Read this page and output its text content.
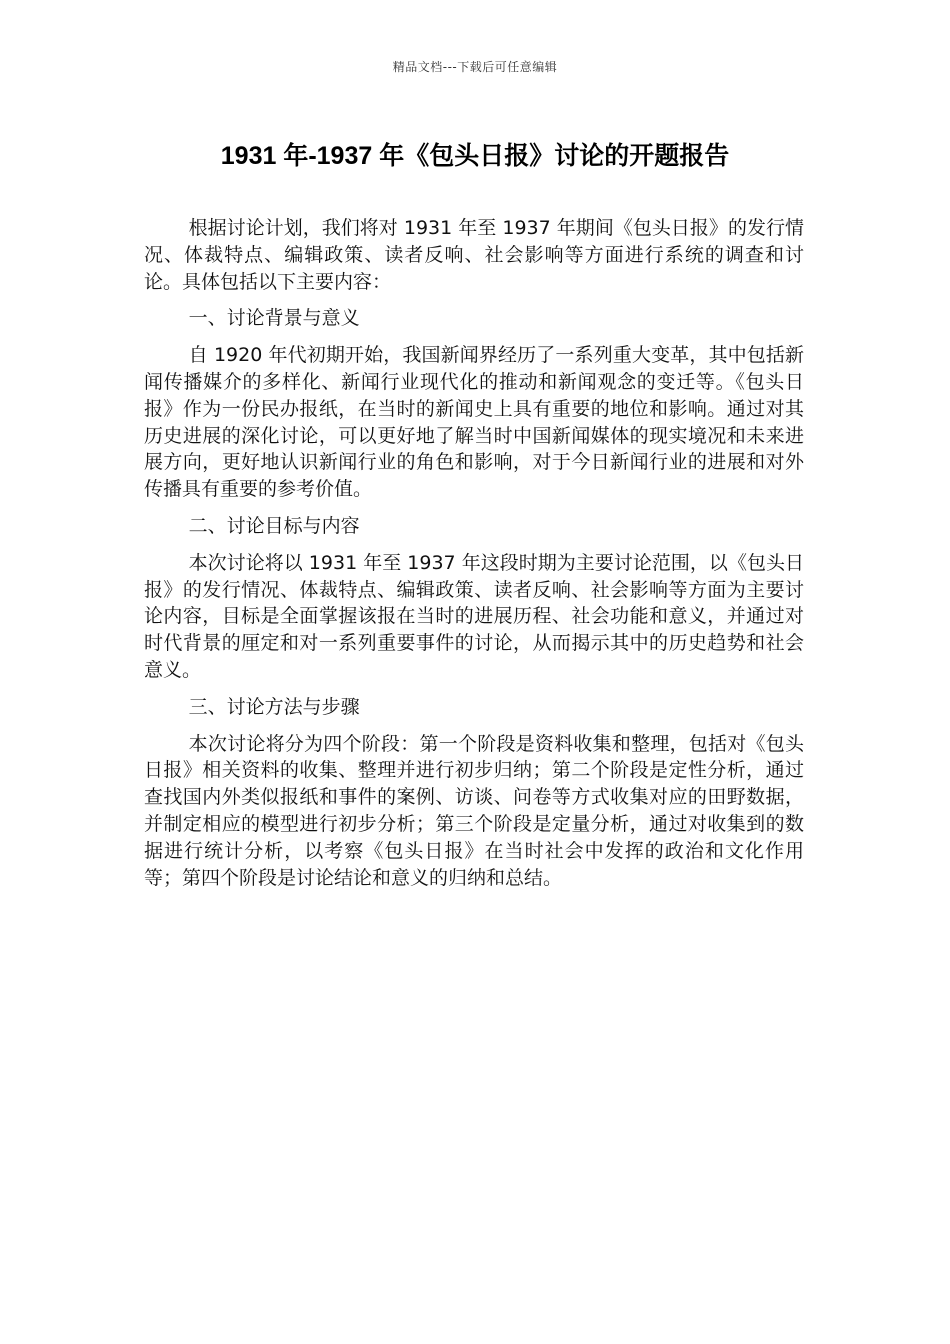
精品文档---下载后可任意编辑
1931 年-1937 年《包头日报》讨论的开题报告

根据讨论计划，我们将对 1931 年至 1937 年期间《包头日报》的发行情况、体裁特点、编辑政策、读者反响、社会影响等方面进行系统的调查和讨论。具体包括以下主要内容：

一、讨论背景与意义

自 1920 年代初期开始，我国新闻界经历了一系列重大变革，其中包括新闻传播媒介的多样化、新闻行业现代化的推动和新闻观念的变迁等。《包头日报》作为一份民办报纸，在当时的新闻史上具有重要的地位和影响。通过对其历史进展的深化讨论，可以更好地了解当时中国新闻媒体的现实境况和未来进展方向，更好地认识新闻行业的角色和影响，对于今日新闻行业的进展和对外传播具有重要的参考价值。

二、讨论目标与内容

本次讨论将以 1931 年至 1937 年这段时期为主要讨论范围，以《包头日报》的发行情况、体裁特点、编辑政策、读者反响、社会影响等方面为主要讨论内容，目标是全面掌握该报在当时的进展历程、社会功能和意义，并通过对时代背景的厘定和对一系列重要事件的讨论，从而揭示其中的历史趋势和社会意义。

三、讨论方法与步骤

本次讨论将分为四个阶段：第一个阶段是资料收集和整理，包括对《包头日报》相关资料的收集、整理并进行初步归纳；第二个阶段是定性分析，通过查找国内外类似报纸和事件的案例、访谈、问卷等方式收集对应的田野数据，并制定相应的模型进行初步分析；第三个阶段是定量分析，通过对收集到的数据进行统计分析，以考察《包头日报》在当时社会中发挥的政治和文化作用等；第四个阶段是讨论结论和意义的归纳和总结。
